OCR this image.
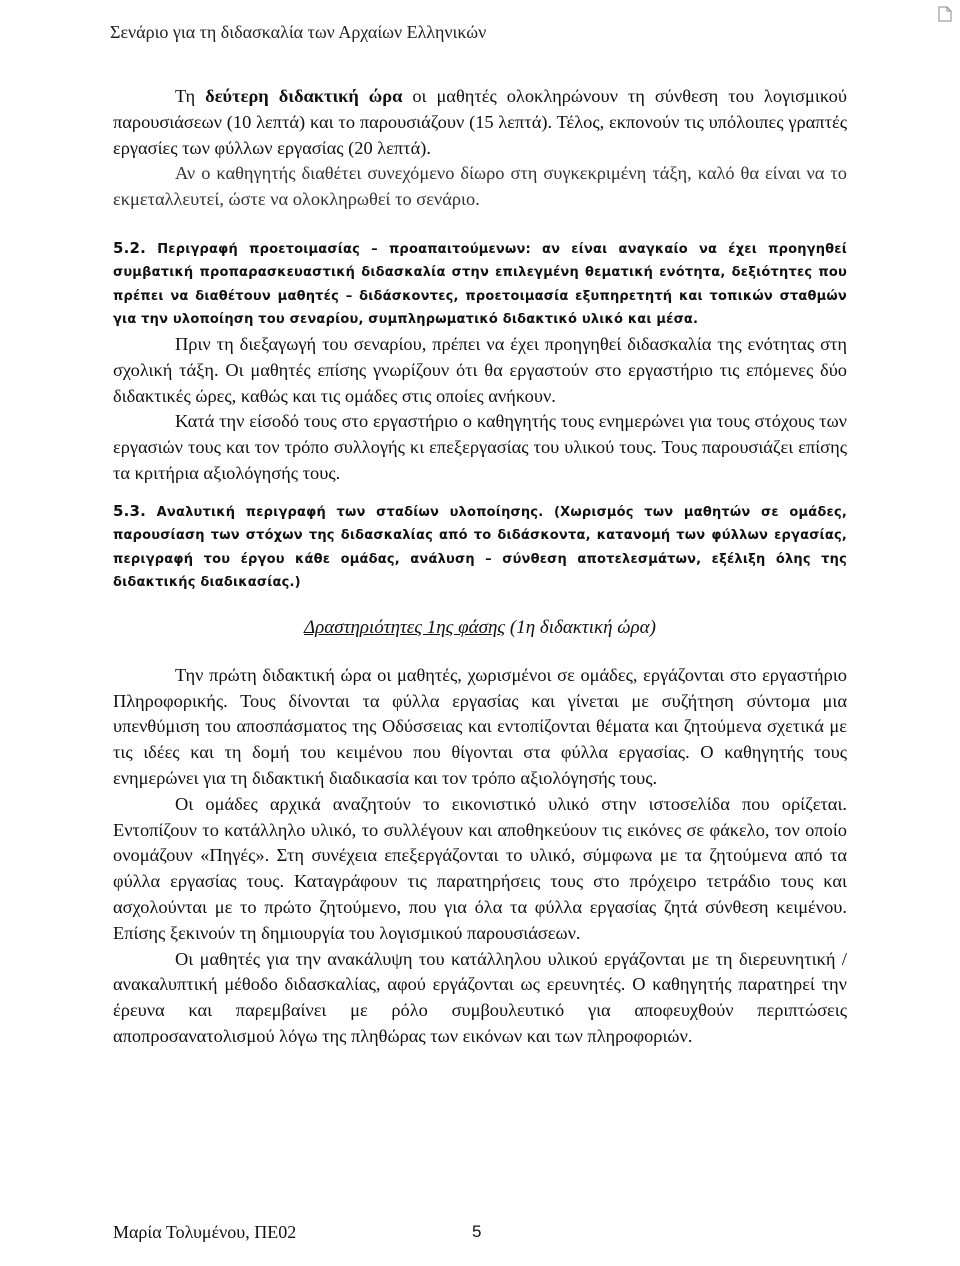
Σενάριο για τη διδασκαλία των Αρχαίων Ελληνικών

Τη δεύτερη διδακτική ώρα οι μαθητές ολοκληρώνουν τη σύνθεση του λογισμικού παρουσιάσεων (10 λεπτά) και το παρουσιάζουν (15 λεπτά). Τέλος, εκπονούν τις υπόλοιπες γραπτές εργασίες των φύλλων εργασίας (20 λεπτά).

Αν ο καθηγητής διαθέτει συνεχόμενο δίωρο στη συγκεκριμένη τάξη, καλό θα είναι να το εκμεταλλευτεί, ώστε να ολοκληρωθεί το σενάριο.

5.2. Περιγραφή προετοιμασίας – προαπαιτούμενων: αν είναι αναγκαίο να έχει προηγηθεί συμβατική προπαρασκευαστική διδασκαλία στην επιλεγμένη θεματική ενότητα, δεξιότητες που πρέπει να διαθέτουν μαθητές – διδάσκοντες, προετοιμασία εξυπηρετητή και τοπικών σταθμών για την υλοποίηση του σεναρίου, συμπληρωματικό διδακτικό υλικό και μέσα.

Πριν τη διεξαγωγή του σεναρίου, πρέπει να έχει προηγηθεί διδασκαλία της ενότητας στη σχολική τάξη. Οι μαθητές επίσης γνωρίζουν ότι θα εργαστούν στο εργαστήριο τις επόμενες δύο διδακτικές ώρες, καθώς και τις ομάδες στις οποίες ανήκουν.

Κατά την είσοδό τους στο εργαστήριο ο καθηγητής τους ενημερώνει για τους στόχους των εργασιών τους και τον τρόπο συλλογής κι επεξεργασίας του υλικού τους. Τους παρουσιάζει επίσης τα κριτήρια αξιολόγησής τους.

5.3. Αναλυτική περιγραφή των σταδίων υλοποίησης. (Χωρισμός των μαθητών σε ομάδες, παρουσίαση των στόχων της διδασκαλίας από το διδάσκοντα, κατανομή των φύλλων εργασίας, περιγραφή του έργου κάθε ομάδας, ανάλυση – σύνθεση αποτελεσμάτων, εξέλιξη όλης της διδακτικής διαδικασίας.)

Δραστηριότητες 1ης φάσης (1η διδακτική ώρα)

Την πρώτη διδακτική ώρα οι μαθητές, χωρισμένοι σε ομάδες, εργάζονται στο εργαστήριο Πληροφορικής. Τους δίνονται τα φύλλα εργασίας και γίνεται με συζήτηση σύντομα μια υπενθύμιση του αποσπάσματος της Οδύσσειας και εντοπίζονται θέματα και ζητούμενα σχετικά με τις ιδέες και τη δομή του κειμένου που θίγονται στα φύλλα εργασίας. Ο καθηγητής τους ενημερώνει για τη διδακτική διαδικασία και τον τρόπο αξιολόγησής τους.

Οι ομάδες αρχικά αναζητούν το εικονιστικό υλικό στην ιστοσελίδα που ορίζεται. Εντοπίζουν το κατάλληλο υλικό, το συλλέγουν και αποθηκεύουν τις εικόνες σε φάκελο, τον οποίο ονομάζουν «Πηγές». Στη συνέχεια επεξεργάζονται το υλικό, σύμφωνα με τα ζητούμενα από τα φύλλα εργασίας τους. Καταγράφουν τις παρατηρήσεις τους στο πρόχειρο τετράδιο τους και ασχολούνται με το πρώτο ζητούμενο, που για όλα τα φύλλα εργασίας ζητά σύνθεση κειμένου. Επίσης ξεκινούν τη δημιουργία του λογισμικού παρουσιάσεων.

Οι μαθητές για την ανακάλυψη του κατάλληλου υλικού εργάζονται με τη διερευνητική / ανακαλυπτική μέθοδο διδασκαλίας, αφού εργάζονται ως ερευνητές. Ο καθηγητής παρατηρεί την έρευνα και παρεμβαίνει με ρόλο συμβουλευτικό για αποφευχθούν περιπτώσεις αποπροσανατολισμού λόγω της πληθώρας των εικόνων και των πληροφοριών.

Μαρία Τολυμένου, ΠΕ02	5
